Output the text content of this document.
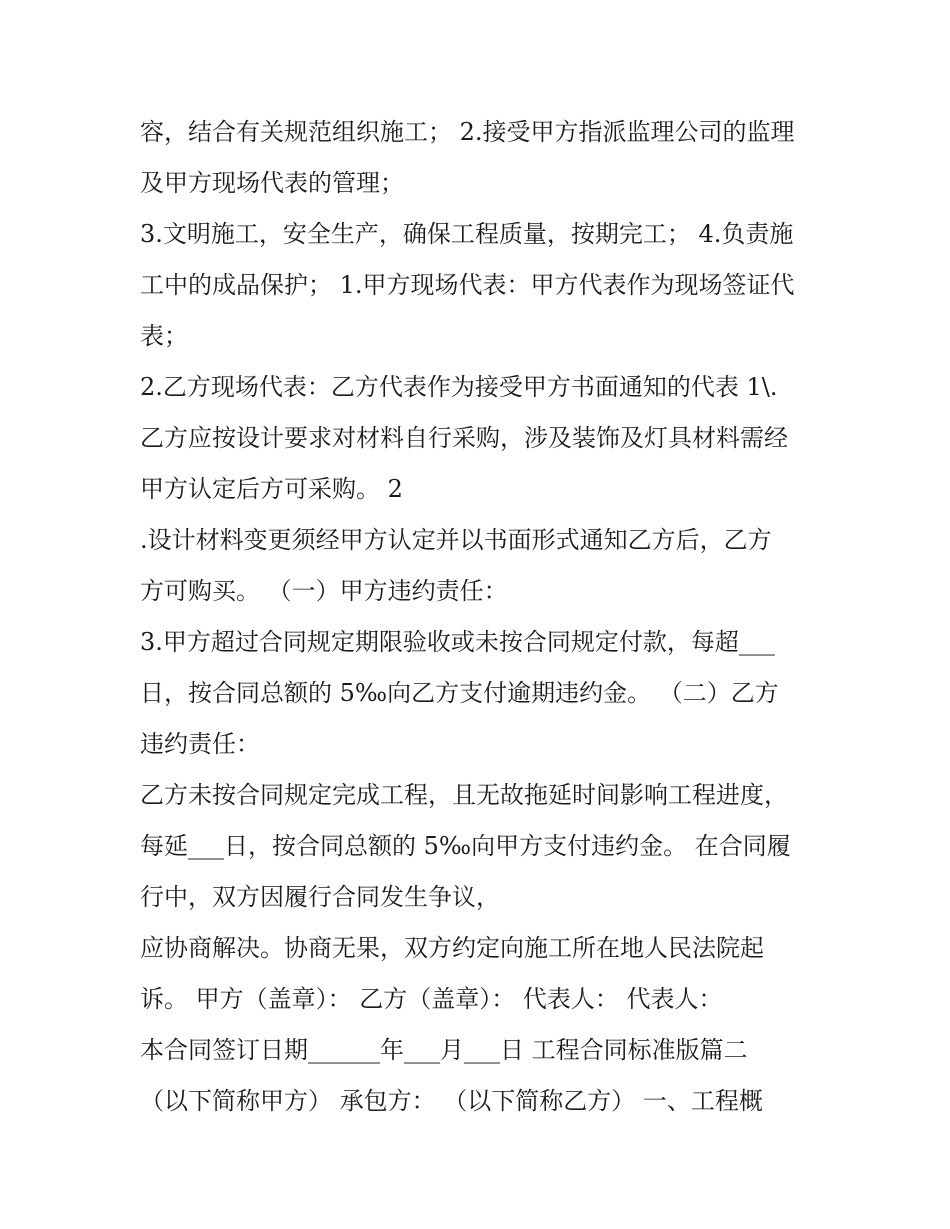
容，结合有关规范组织施工； 2.接受甲方指派监理公司的监理
及甲方现场代表的管理；
3.文明施工，安全生产，确保工程质量，按期完工； 4.负责施
工中的成品保护； 1.甲方现场代表：甲方代表作为现场签证代
表；
2.乙方现场代表：乙方代表作为接受甲方书面通知的代表 1\.
乙方应按设计要求对材料自行采购，涉及装饰及灯具材料需经
甲方认定后方可采购。 2
.设计材料变更须经甲方认定并以书面形式通知乙方后，乙方
方可购买。 （一）甲方违约责任：
3.甲方超过合同规定期限验收或未按合同规定付款，每超___
日，按合同总额的 5‰向乙方支付逾期违约金。 （二）乙方
违约责任：
乙方未按合同规定完成工程，且无故拖延时间影响工程进度，
每延___日，按合同总额的 5‰向甲方支付违约金。 在合同履
行中，双方因履行合同发生争议，
应协商解决。协商无果，双方约定向施工所在地人民法院起
诉。 甲方（盖章）： 乙方（盖章）： 代表人： 代表人：
本合同签订日期______年___月___日 工程合同标准版篇二
（以下简称甲方） 承包方： （以下简称乙方） 一、工程概
